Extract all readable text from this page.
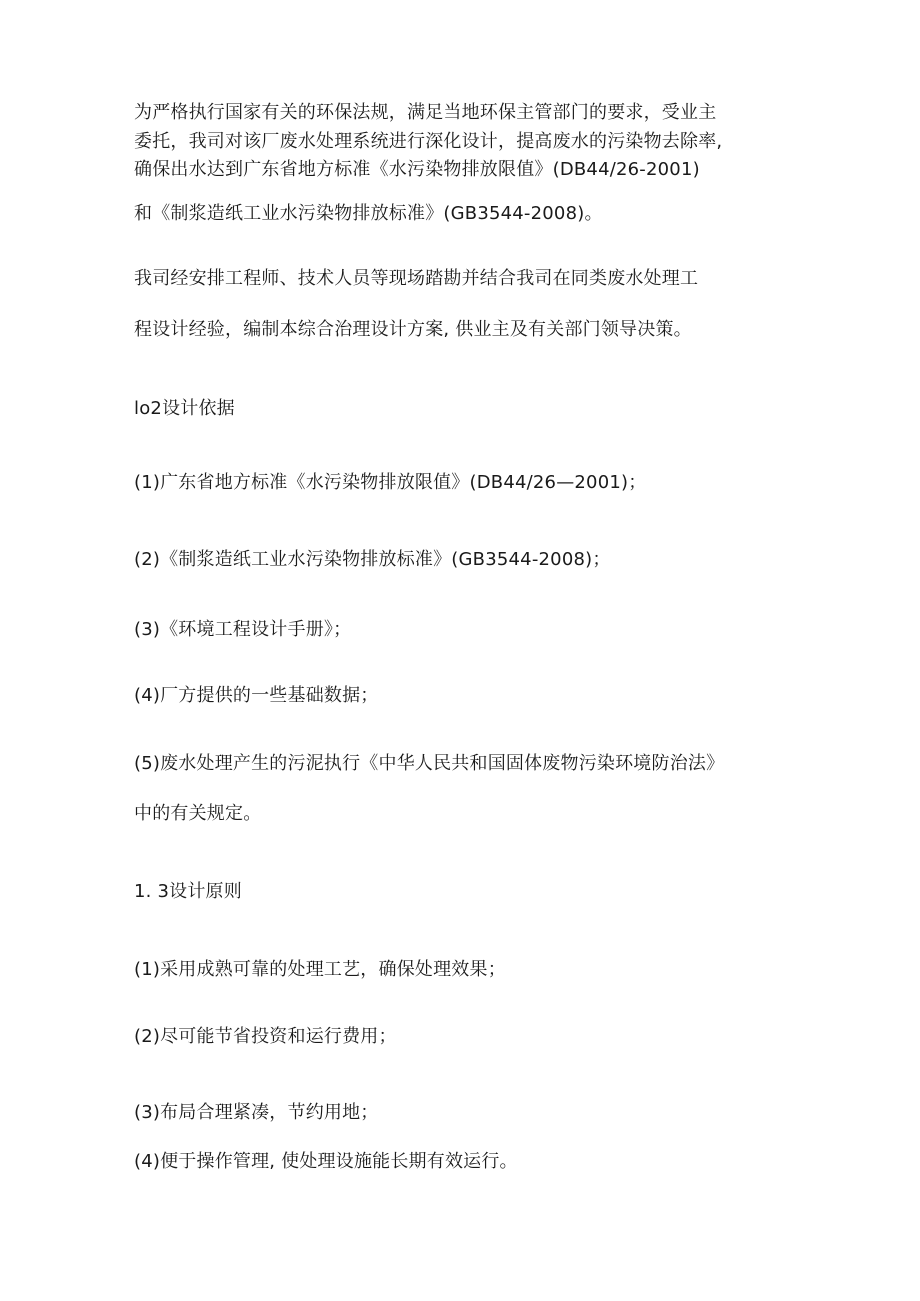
为严格执行国家有关的环保法规，满足当地环保主管部门的要求，受业主
委托，我司对该厂废水处理系统进行深化设计，提高废水的污染物去除率,
确保出水达到广东省地方标准《水污染物排放限值》(DB44/26-2001)
和《制浆造纸工业水污染物排放标准》(GB3544-2008)。
我司经安排工程师、技术人员等现场踏勘并结合我司在同类废水处理工
程设计经验，编制本综合治理设计方案, 供业主及有关部门领导决策。
lo2设计依据
(1)广东省地方标准《水污染物排放限值》(DB44/26—2001)；
(2)《制浆造纸工业水污染物排放标准》(GB3544-2008)；
(3)《环境工程设计手册》；
(4)厂方提供的一些基础数据；
(5)废水处理产生的污泥执行《中华人民共和国固体废物污染环境防治法》
中的有关规定。
1. 3设计原则
(1)采用成熟可靠的处理工艺，确保处理效果；
(2)尽可能节省投资和运行费用；
(3)布局合理紧凑，节约用地；
(4)便于操作管理, 使处理设施能长期有效运行。
